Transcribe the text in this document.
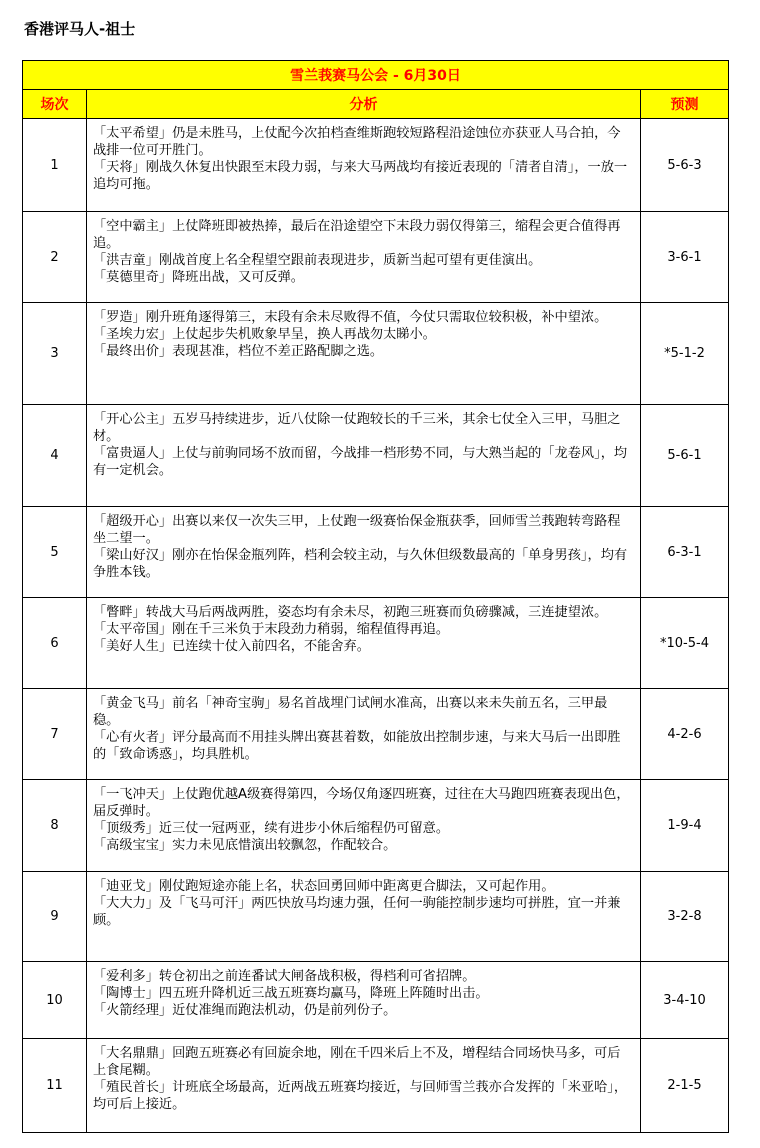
香港评马人-祖士
雪兰莪赛马公会 - 6月30日		
场次	分析	预测
1	「太平希望」仍是未胜马，上仗配今次拍档查维斯跑较短路程沿途蚀位亦获亚人马合拍，今战排一位可开胜门。

「天将」刚战久休复出快跟至末段力弱，与来大马两战均有接近表现的「清者自清」，一放一追均可拖。	5-6-3
2	「空中霸主」上仗降班即被热捧，最后在沿途望空下末段力弱仅得第三，缩程会更合值得再追。

「洪吉童」刚战首度上名全程望空跟前表现进步，质新当起可望有更佳演出。

「莫德里奇」降班出战，又可反弹。	3-6-1
3	「罗造」刚升班角逐得第三，末段有余未尽败得不值，今仗只需取位较积极，补中望浓。

「圣埃力宏」上仗起步失机败象早呈，换人再战勿太睇小。

「最终出价」表现甚准，档位不差正路配脚之选。	*5-1-2
4	「开心公主」五岁马持续进步，近八仗除一仗跑较长的千三米，其余七仗全入三甲，马胆之材。

「富贵逼人」上仗与前驹同场不放而留，今战排一档形势不同，与大熟当起的「龙卷风」，均有一定机会。	5-6-1
5	「超级开心」出赛以来仅一次失三甲，上仗跑一级赛怡保金瓶获季，回师雪兰莪跑转弯路程坐二望一。

「梁山好汉」刚亦在怡保金瓶列阵，档利会较主动，与久休但级数最高的「单身男孩」，均有争胜本钱。	6-3-1
6	「瞥畔」转战大马后两战两胜，姿态均有余未尽，初跑三班赛而负磅骤减，三连捷望浓。

「太平帝国」刚在千三米负于末段劲力稍弱，缩程值得再追。

「美好人生」已连续十仗入前四名，不能舍弃。	*10-5-4
7	「黄金飞马」前名「神奇宝驹」易名首战埋门试闸水准高，出赛以来未失前五名，三甲最稳。

「心有火者」评分最高而不用挂头牌出赛甚着数，如能放出控制步速，与来大马后一出即胜的「致命诱惑」，均具胜机。	4-2-6
8	「一飞冲天」上仗跑优越A级赛得第四，今场仅角逐四班赛，过往在大马跑四班赛表现出色，届反弹时。

「顶级秀」近三仗一冠两亚，续有进步小休后缩程仍可留意。

「高级宝宝」实力未见底惜演出较飘忽，作配较合。	1-9-4
9	「迪亚戈」刚仗跑短途亦能上名，状态回勇回师中距离更合脚法，又可起作用。

「大大力」及「飞马可汗」两匹快放马均速力强，任何一驹能控制步速均可拼胜，宜一并兼顾。	3-2-8
10	「爱利多」转仓初出之前连番试大闸备战积极，得档利可省招牌。

「陶博士」四五班升降机近三战五班赛均赢马，降班上阵随时出击。

「火箭经理」近仗准绳而跑法机动，仍是前列份子。	3-4-10
11	「大名鼎鼎」回跑五班赛必有回旋余地，刚在千四米后上不及，增程结合同场快马多，可后上食尾糊。

「殖民首长」计班底全场最高，近两战五班赛均接近，与回师雪兰莪亦合发挥的「米亚哈」，均可后上接近。	2-1-5
